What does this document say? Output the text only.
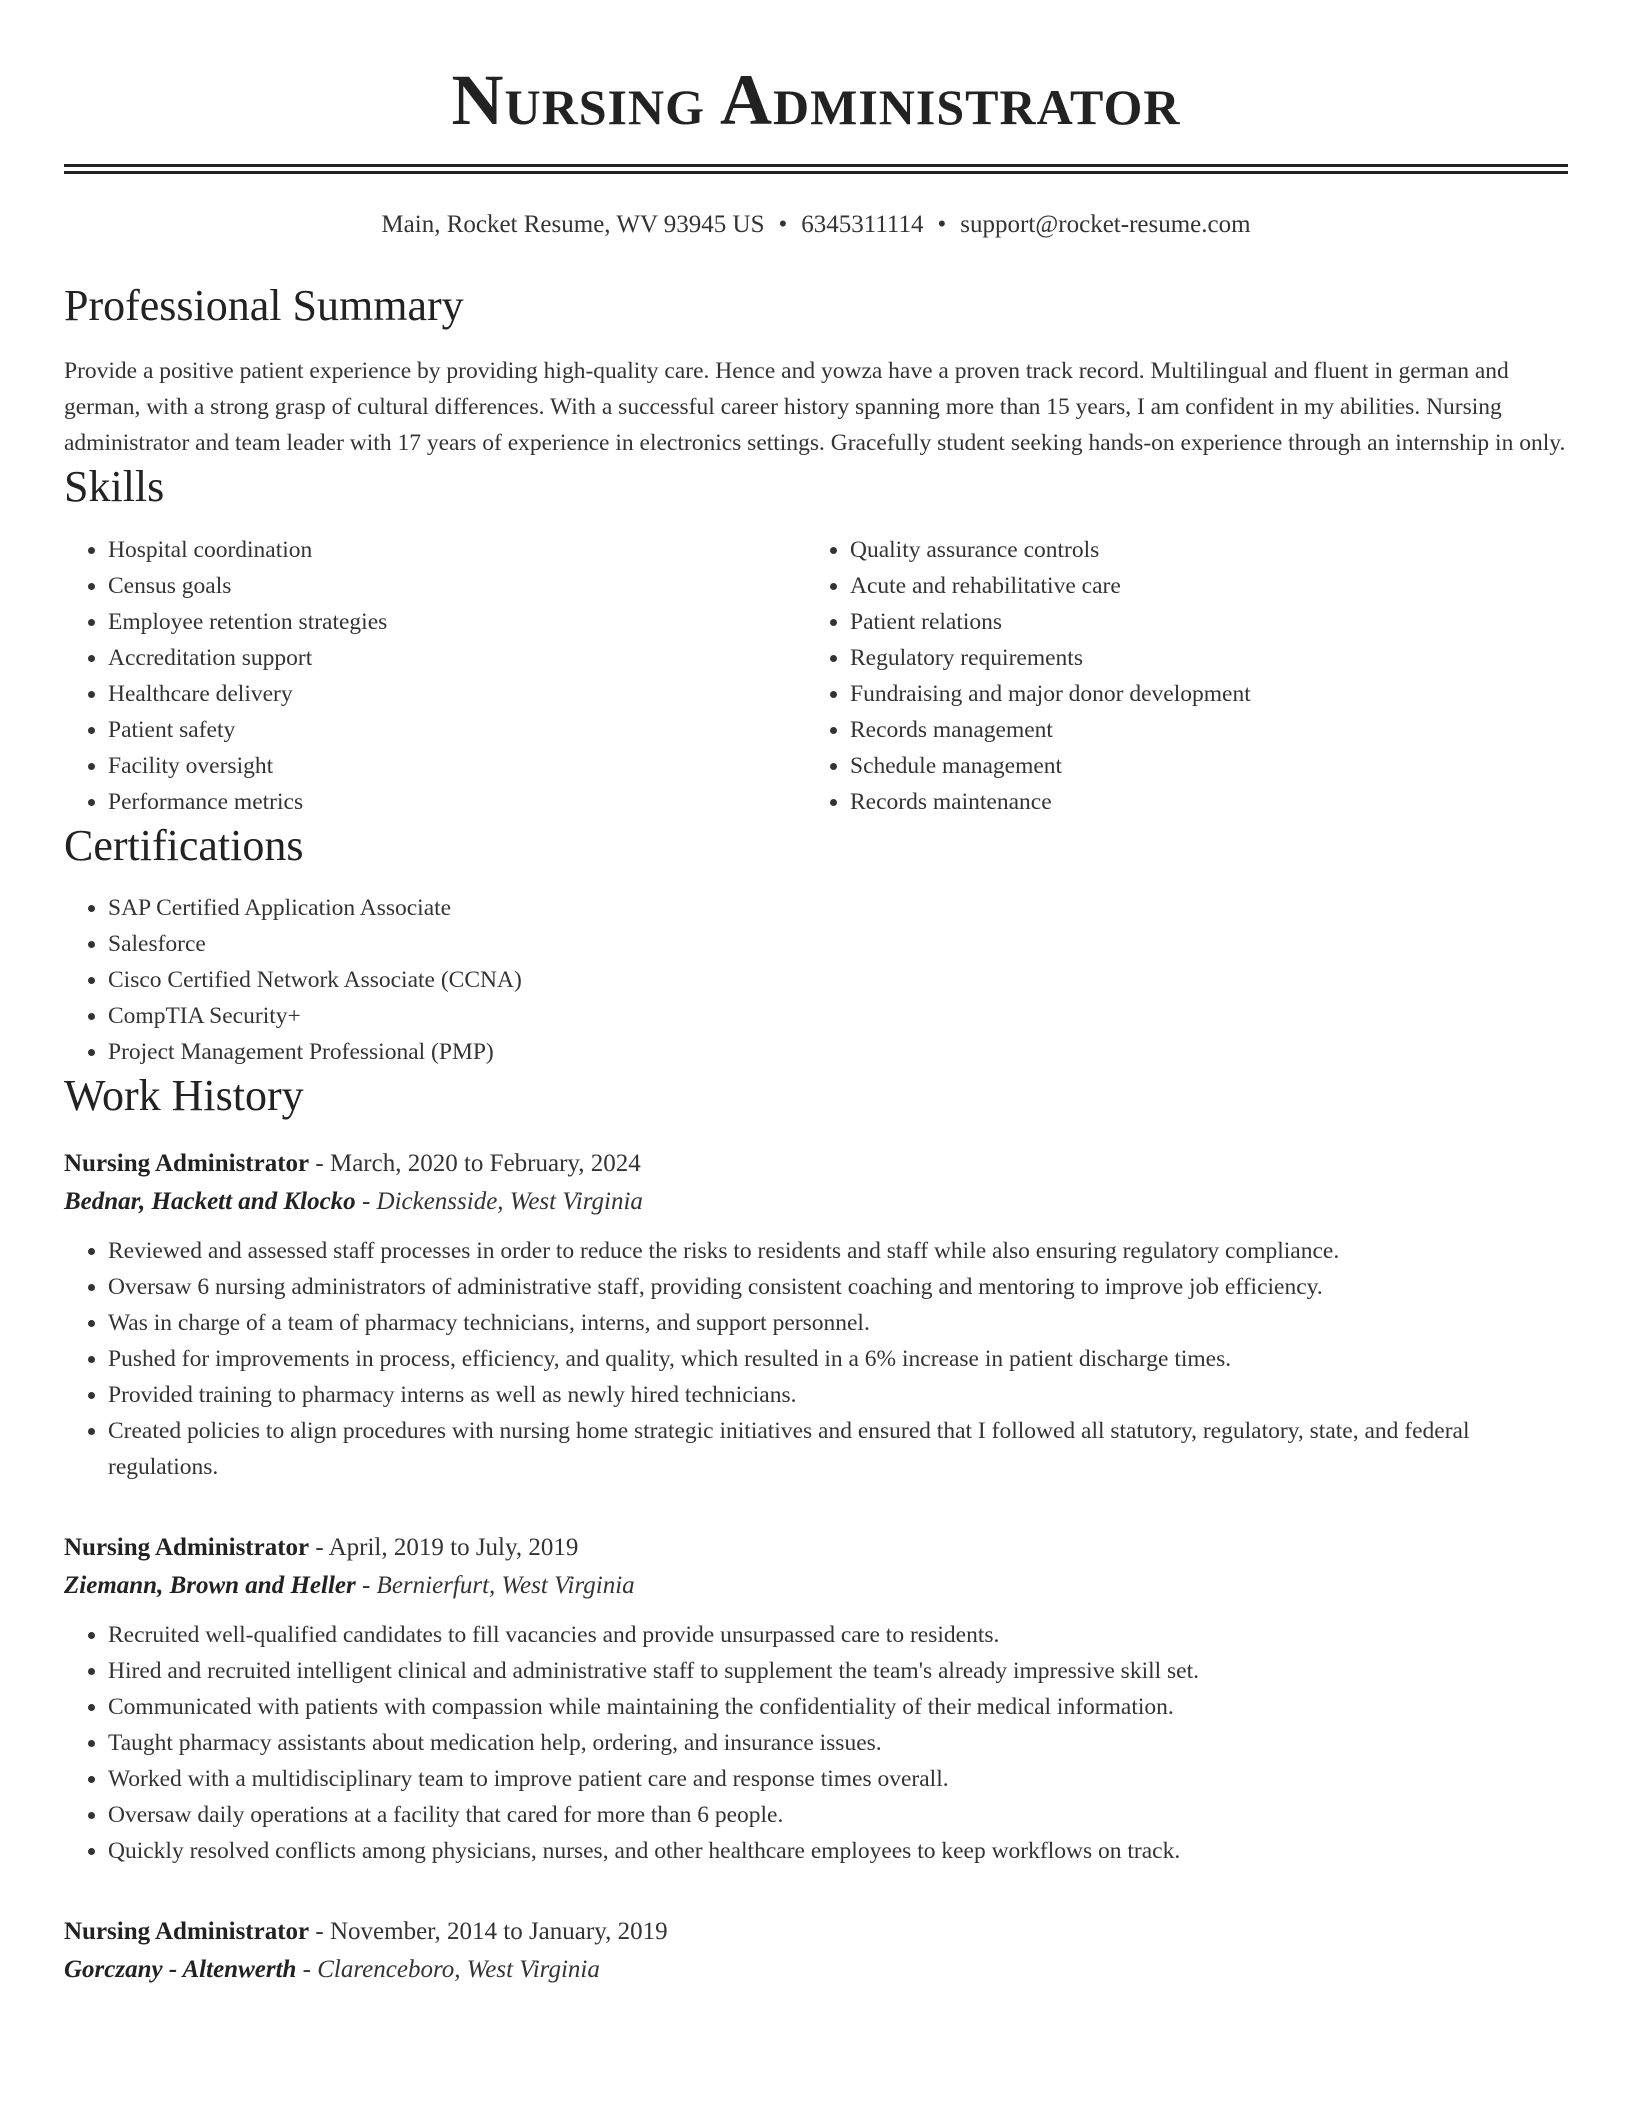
Nursing Administrator
Main, Rocket Resume, WV 93945 US • 6345311114 • support@rocket-resume.com
Professional Summary

Provide a positive patient experience by providing high-quality care. Hence and yowza have a proven track record. Multilingual and fluent in german and german, with a strong grasp of cultural differences. With a successful career history spanning more than 15 years, I am confident in my abilities. Nursing administrator and team leader with 17 years of experience in electronics settings. Gracefully student seeking hands-on experience through an internship in only.

Skills
• Hospital coordination
• Census goals
• Employee retention strategies
• Accreditation support
• Healthcare delivery
• Patient safety
• Facility oversight
• Performance metrics
• Quality assurance controls
• Acute and rehabilitative care
• Patient relations
• Regulatory requirements
• Fundraising and major donor development
• Records management
• Schedule management
• Records maintenance
Certifications
• SAP Certified Application Associate
• Salesforce
• Cisco Certified Network Associate (CCNA)
• CompTIA Security+
• Project Management Professional (PMP)
Work History
Nursing Administrator - March, 2020 to February, 2024
Bednar, Hackett and Klocko - Dickensside, West Virginia
• Reviewed and assessed staff processes in order to reduce the risks to residents and staff while also ensuring regulatory compliance.
• Oversaw 6 nursing administrators of administrative staff, providing consistent coaching and mentoring to improve job efficiency.
• Was in charge of a team of pharmacy technicians, interns, and support personnel.
• Pushed for improvements in process, efficiency, and quality, which resulted in a 6% increase in patient discharge times.
• Provided training to pharmacy interns as well as newly hired technicians.
• Created policies to align procedures with nursing home strategic initiatives and ensured that I followed all statutory, regulatory, state, and federal regulations.
Nursing Administrator - April, 2019 to July, 2019
Ziemann, Brown and Heller - Bernierfurt, West Virginia
• Recruited well-qualified candidates to fill vacancies and provide unsurpassed care to residents.
• Hired and recruited intelligent clinical and administrative staff to supplement the team's already impressive skill set.
• Communicated with patients with compassion while maintaining the confidentiality of their medical information.
• Taught pharmacy assistants about medication help, ordering, and insurance issues.
• Worked with a multidisciplinary team to improve patient care and response times overall.
• Oversaw daily operations at a facility that cared for more than 6 people.
• Quickly resolved conflicts among physicians, nurses, and other healthcare employees to keep workflows on track.
Nursing Administrator - November, 2014 to January, 2019
Gorczany - Altenwerth - Clarenceboro, West Virginia
